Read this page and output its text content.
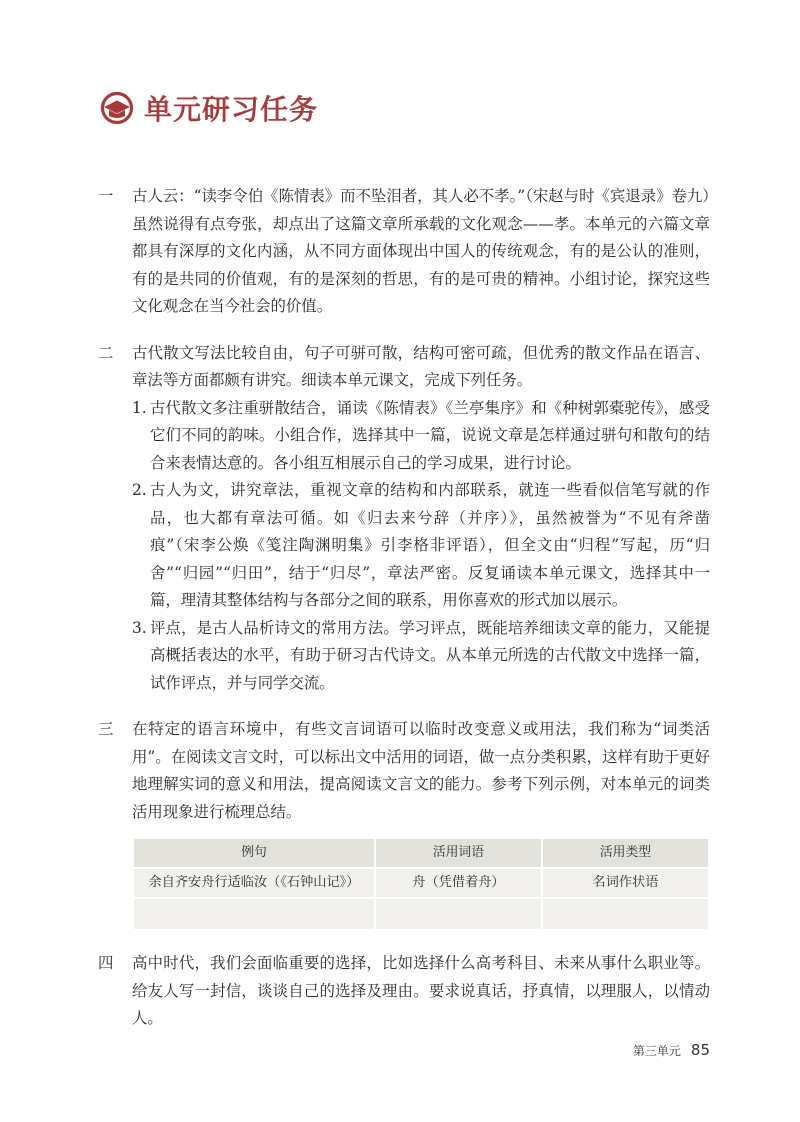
单元研习任务
一	古人云：“读李令伯《陈情表》而不坠泪者，其人必不孝。”（宋赵与时《宾退录》卷九）虽然说得有点夸张，却点出了这篇文章所承载的文化观念——孝。本单元的六篇文章都具有深厚的文化内涵，从不同方面体现出中国人的传统观念，有的是公认的准则，有的是共同的价值观，有的是深刻的哲思，有的是可贵的精神。小组讨论，探究这些文化观念在当今社会的价值。
二	古代散文写法比较自由，句子可骈可散，结构可密可疏，但优秀的散文作品在语言、章法等方面都颇有讲究。细读本单元课文，完成下列任务。
1. 古代散文多注重骈散结合，诵读《陈情表》《兰亭集序》和《种树郭橐驼传》，感受它们不同的韵味。小组合作，选择其中一篇，说说文章是怎样通过骈句和散句的结合来表情达意的。各小组互相展示自己的学习成果，进行讨论。
2. 古人为文，讲究章法，重视文章的结构和内部联系，就连一些看似信笔写就的作品，也大都有章法可循。如《归去来兮辞（并序）》，虽然被誉为“不见有斧凿痕”（宋李公焕《笺注陶渊明集》引李格非评语），但全文由“归程”写起，历“归舍”“归园”“归田”，结于“归尽”，章法严密。反复诵读本单元课文，选择其中一篇，理清其整体结构与各部分之间的联系，用你喜欢的形式加以展示。
3. 评点，是古人品析诗文的常用方法。学习评点，既能培养细读文章的能力，又能提高概括表达的水平，有助于研习古代诗文。从本单元所选的古代散文中选择一篇，试作评点，并与同学交流。
三	在特定的语言环境中，有些文言词语可以临时改变意义或用法，我们称为“词类活用”。在阅读文言文时，可以标出文中活用的词语，做一点分类积累，这样有助于更好地理解实词的意义和用法，提高阅读文言文的能力。参考下列示例，对本单元的词类活用现象进行梳理总结。
例句	活用词语	活用类型
余自齐安舟行适临汝（《石钟山记》）	舟（凭借着舟）	名词作状语

四	高中时代，我们会面临重要的选择，比如选择什么高考科目、未来从事什么职业等。给友人写一封信，谈谈自己的选择及理由。要求说真话，抒真情，以理服人，以情动人。
第三单元 85
